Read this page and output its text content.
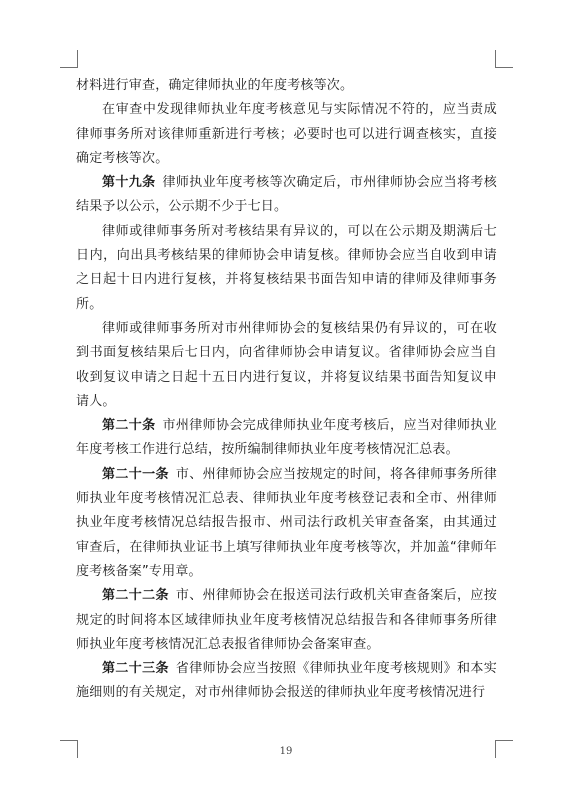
材料进行审查，确定律师执业的年度考核等次。

在审查中发现律师执业年度考核意见与实际情况不符的，应当责成律师事务所对该律师重新进行考核；必要时也可以进行调查核实，直接确定考核等次。

第十九条  律师执业年度考核等次确定后，市州律师协会应当将考核结果予以公示，公示期不少于七日。

律师或律师事务所对考核结果有异议的，可以在公示期及期满后七日内，向出具考核结果的律师协会申请复核。律师协会应当自收到申请之日起十日内进行复核，并将复核结果书面告知申请的律师及律师事务所。

律师或律师事务所对市州律师协会的复核结果仍有异议的，可在收到书面复核结果后七日内，向省律师协会申请复议。省律师协会应当自收到复议申请之日起十五日内进行复议，并将复议结果书面告知复议申请人。

第二十条  市州律师协会完成律师执业年度考核后，应当对律师执业年度考核工作进行总结，按所编制律师执业年度考核情况汇总表。

第二十一条  市、州律师协会应当按规定的时间，将各律师事务所律师执业年度考核情况汇总表、律师执业年度考核登记表和全市、州律师执业年度考核情况总结报告报市、州司法行政机关审查备案，由其通过审查后，在律师执业证书上填写律师执业年度考核等次，并加盖“律师年度考核备案”专用章。

第二十二条  市、州律师协会在报送司法行政机关审查备案后，应按规定的时间将本区域律师执业年度考核情况总结报告和各律师事务所律师执业年度考核情况汇总表报省律师协会备案审查。

第二十三条  省律师协会应当按照《律师执业年度考核规则》和本实施细则的有关规定，对市州律师协会报送的律师执业年度考核情况进行

19
